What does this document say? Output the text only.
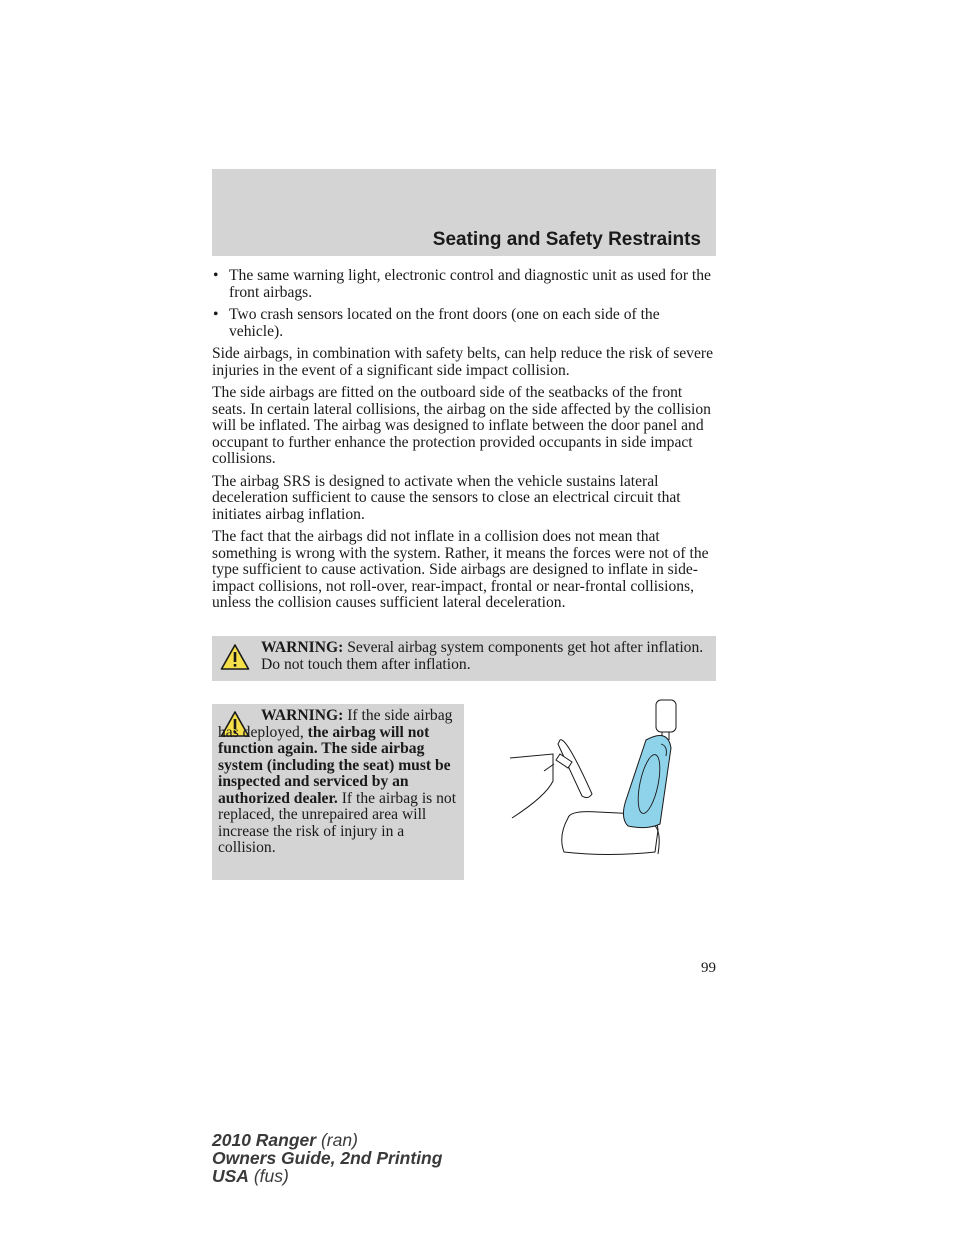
Seating and Safety Restraints
• The same warning light, electronic control and diagnostic unit as used for the front airbags.
• Two crash sensors located on the front doors (one on each side of the vehicle).

Side airbags, in combination with safety belts, can help reduce the risk of severe injuries in the event of a significant side impact collision.

The side airbags are fitted on the outboard side of the seatbacks of the front seats. In certain lateral collisions, the airbag on the side affected by the collision will be inflated. The airbag was designed to inflate between the door panel and occupant to further enhance the protection provided occupants in side impact collisions.

The airbag SRS is designed to activate when the vehicle sustains lateral deceleration sufficient to cause the sensors to close an electrical circuit that initiates airbag inflation.

The fact that the airbags did not inflate in a collision does not mean that something is wrong with the system. Rather, it means the forces were not of the type sufficient to cause activation. Side airbags are designed to inflate in side-impact collisions, not roll-over, rear-impact, frontal or near-frontal collisions, unless the collision causes sufficient lateral deceleration.

WARNING: Several airbag system components get hot after inflation. Do not touch them after inflation.
WARNING: If the side airbag has deployed, the airbag will not function again. The side airbag system (including the seat) must be inspected and serviced by an authorized dealer. If the airbag is not replaced, the unrepaired area will increase the risk of injury in a collision.
99
2010 Ranger (ran)
Owners Guide, 2nd Printing
USA (fus)
